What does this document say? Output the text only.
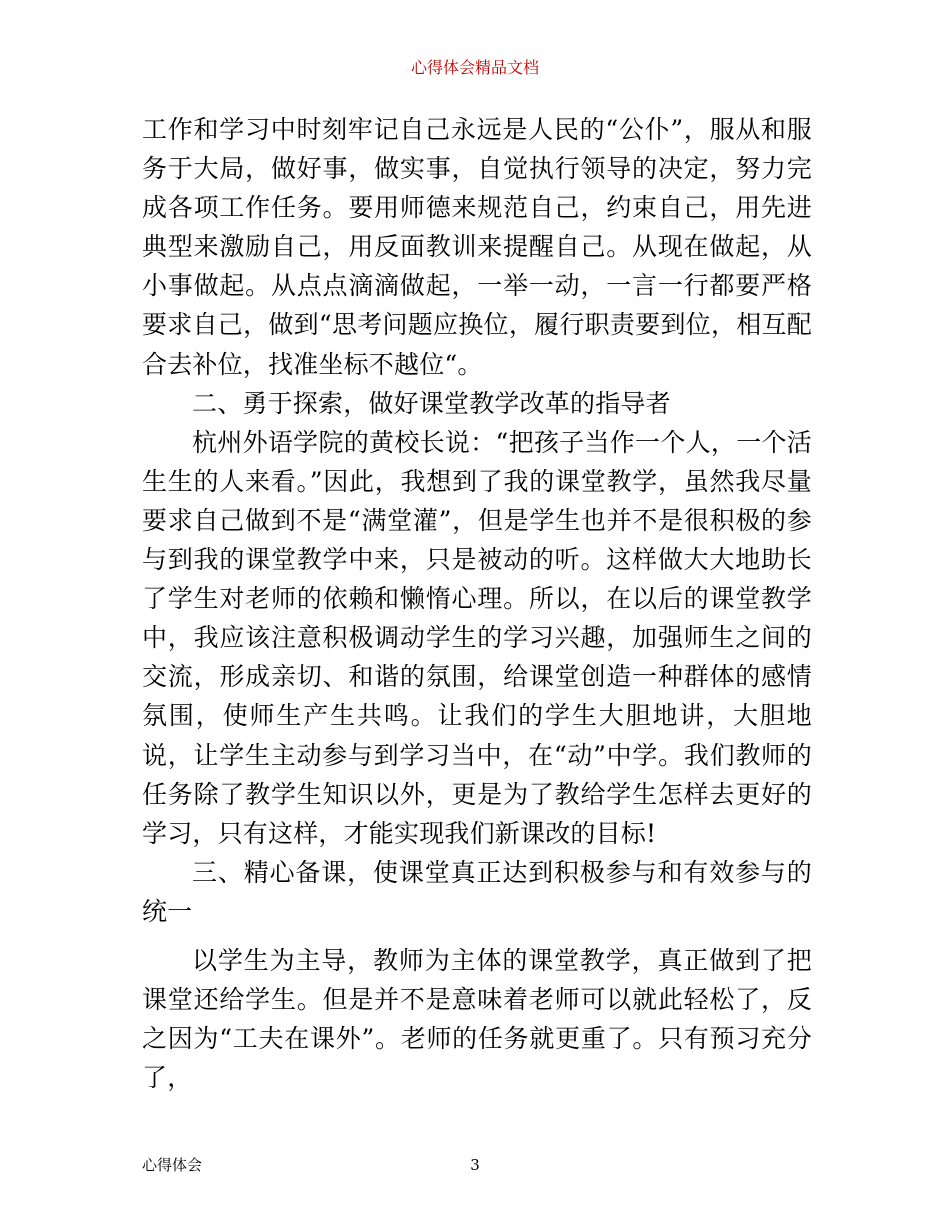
心得体会精品文档

工作和学习中时刻牢记自己永远是人民的“公仆”，服从和服务于大局，做好事，做实事，自觉执行领导的决定，努力完成各项工作任务。要用师德来规范自己，约束自己，用先进典型来激励自己，用反面教训来提醒自己。从现在做起，从小事做起。从点点滴滴做起，一举一动，一言一行都要严格要求自己，做到“思考问题应换位，履行职责要到位，相互配合去补位，找准坐标不越位“。

二、勇于探索，做好课堂教学改革的指导者

杭州外语学院的黄校长说：“把孩子当作一个人，一个活生生的人来看。”因此，我想到了我的课堂教学，虽然我尽量要求自己做到不是“满堂灌”，但是学生也并不是很积极的参与到我的课堂教学中来，只是被动的听。这样做大大地助长了学生对老师的依赖和懒惰心理。所以，在以后的课堂教学中，我应该注意积极调动学生的学习兴趣，加强师生之间的交流，形成亲切、和谐的氛围，给课堂创造一种群体的感情氛围，使师生产生共鸣。让我们的学生大胆地讲，大胆地说，让学生主动参与到学习当中，在“动”中学。我们教师的任务除了教学生知识以外，更是为了教给学生怎样去更好的学习，只有这样，才能实现我们新课改的目标!

三、精心备课，使课堂真正达到积极参与和有效参与的统一

以学生为主导，教师为主体的课堂教学，真正做到了把课堂还给学生。但是并不是意味着老师可以就此轻松了，反之因为“工夫在课外”。老师的任务就更重了。只有预习充分了，

心得体会	3
